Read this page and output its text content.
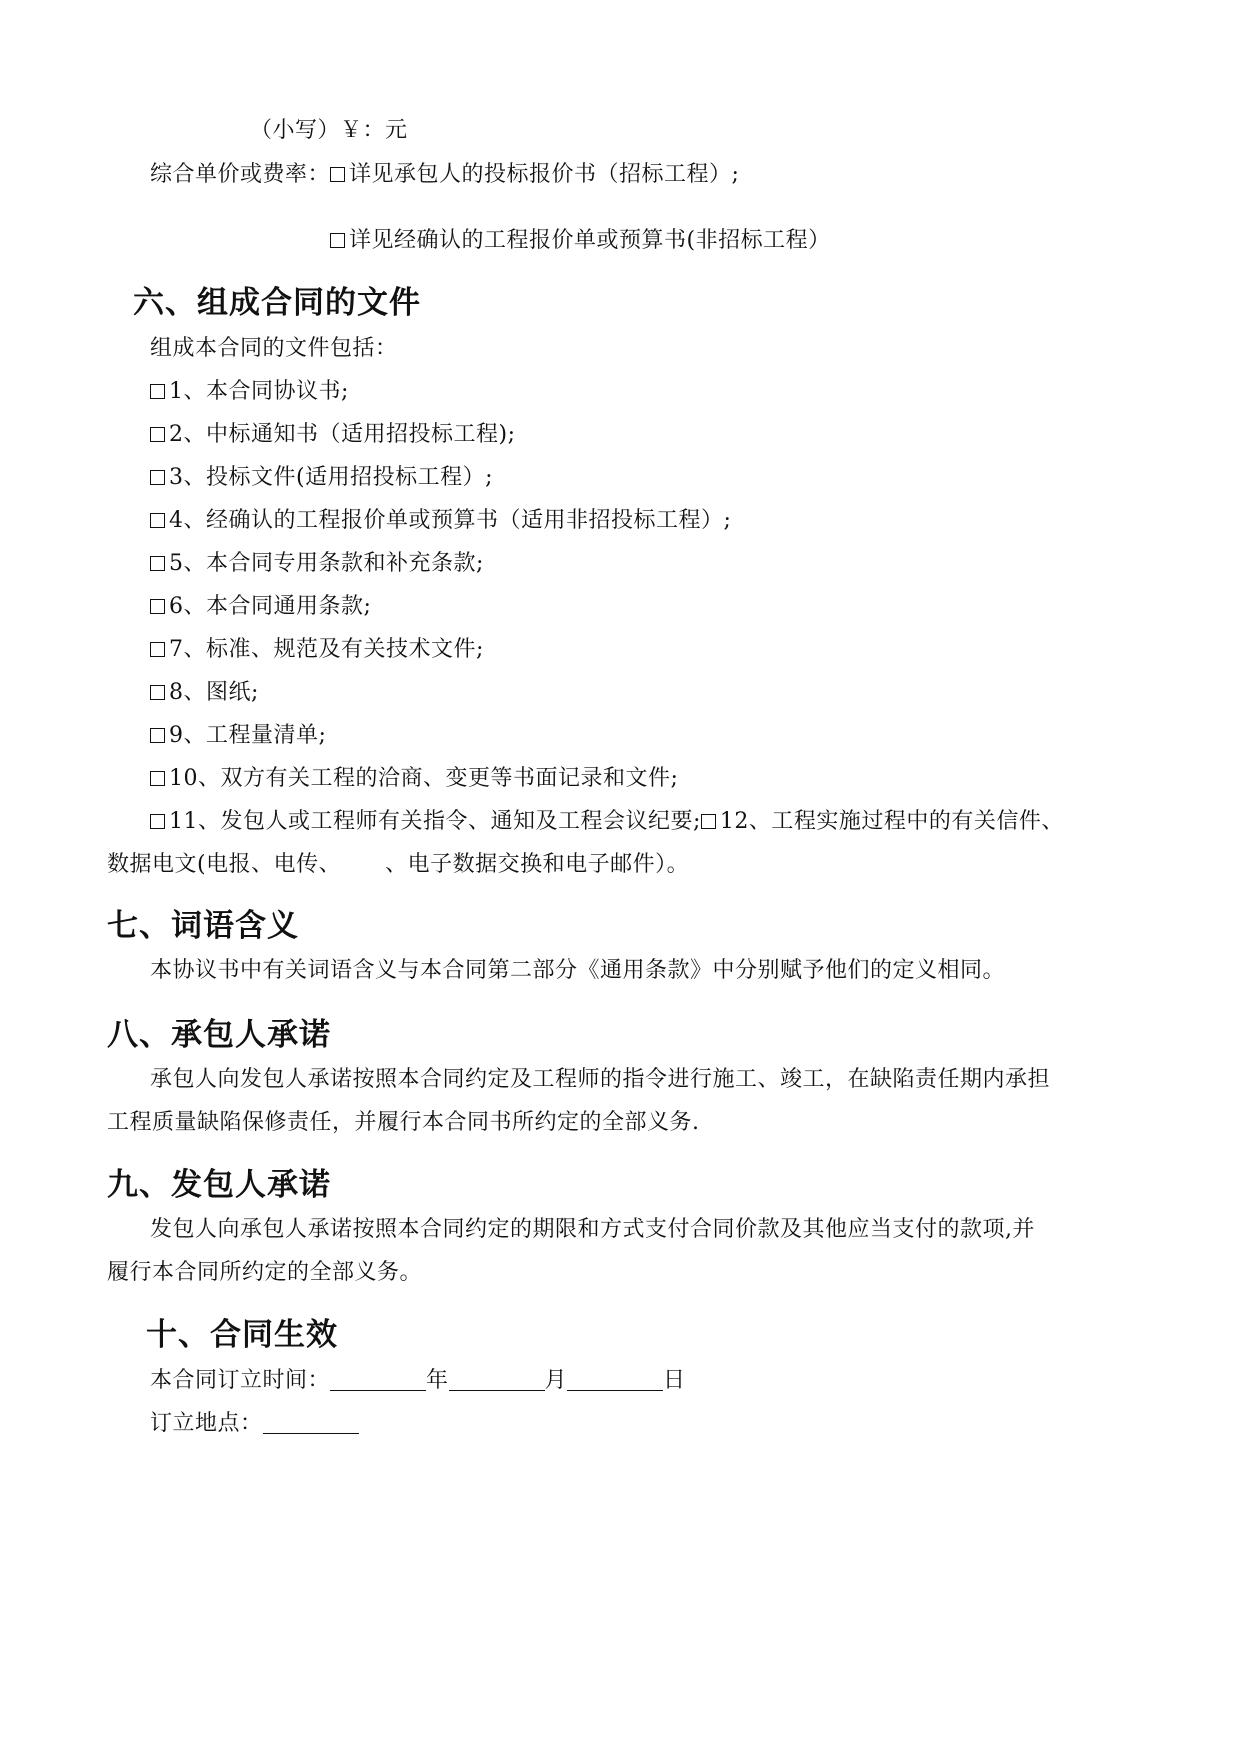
（小写）￥：元
综合单价或费率： 详见承包人的投标报价书（招标工程）;
详见经确认的工程报价单或预算书(非招标工程）
六、组成合同的文件
组成本合同的文件包括：
1、本合同协议书;
2、中标通知书（适用招投标工程);
3、投标文件(适用招投标工程）;
4、经确认的工程报价单或预算书（适用非招投标工程）;
5、本合同专用条款和补充条款;
6、本合同通用条款;
7、标准、规范及有关技术文件;
8、图纸;
9、工程量清单;
10、双方有关工程的洽商、变更等书面记录和文件;
11、发包人或工程师有关指令、通知及工程会议纪要; 12、工程实施过程中的有关信件、
数据电文(电报、电传、 、电子数据交换和电子邮件）。
七、词语含义
本协议书中有关词语含义与本合同第二部分《通用条款》中分别赋予他们的定义相同。
八、承包人承诺
承包人向发包人承诺按照本合同约定及工程师的指令进行施工、竣工，在缺陷责任期内承担
工程质量缺陷保修责任，并履行本合同书所约定的全部义务.
九、发包人承诺
发包人向承包人承诺按照本合同约定的期限和方式支付合同价款及其他应当支付的款项,并
履行本合同所约定的全部义务。
十、合同生效
本合同订立时间：	年	月	日
订立地点：
